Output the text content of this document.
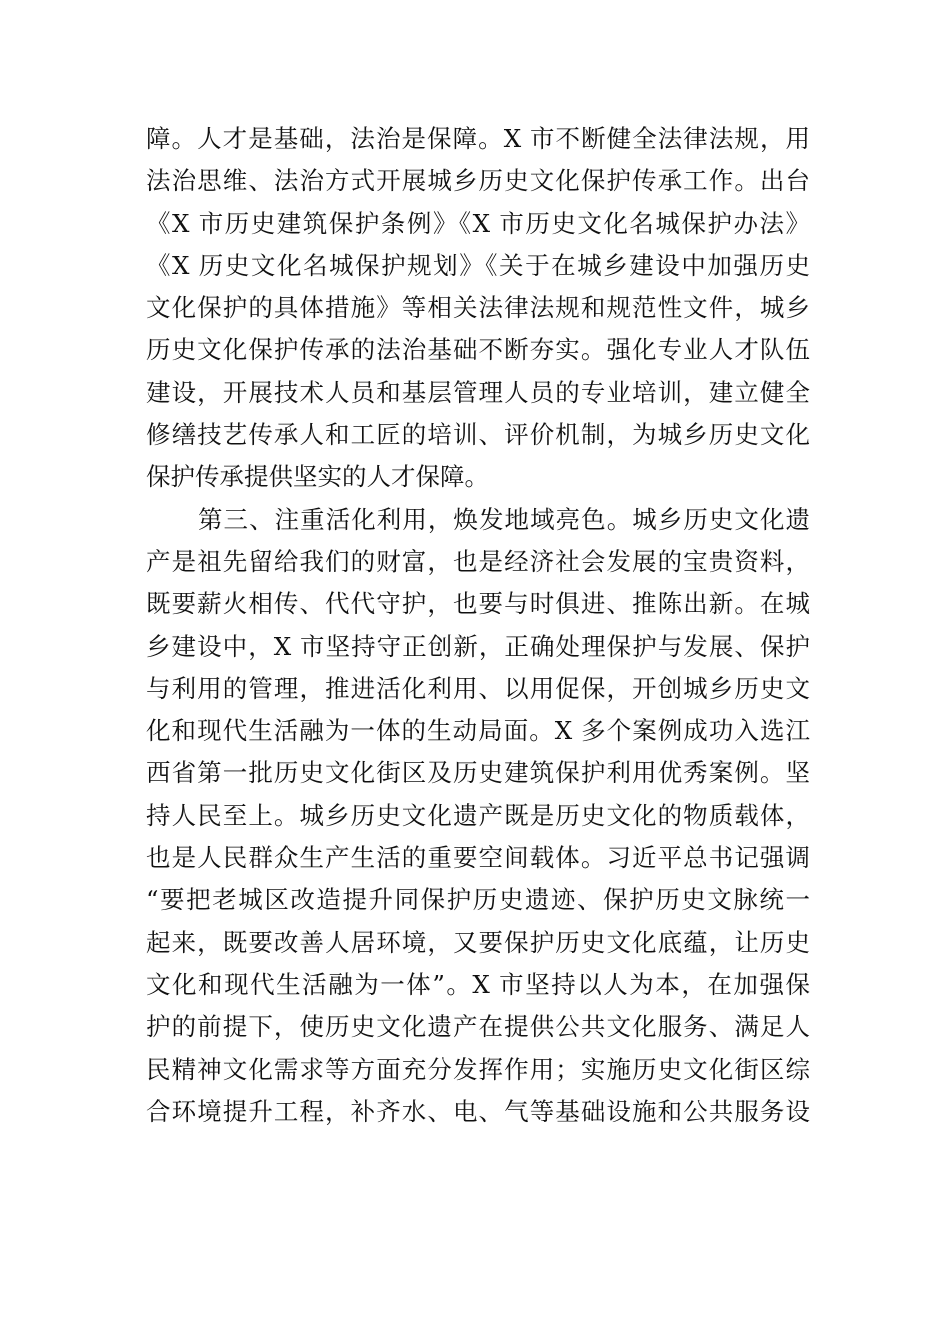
障。人才是基础，法治是保障。X 市不断健全法律法规，用
法治思维、法治方式开展城乡历史文化保护传承工作。出台
《X 市历史建筑保护条例》《X 市历史文化名城保护办法》
《X 历史文化名城保护规划》《关于在城乡建设中加强历史
文化保护的具体措施》等相关法律法规和规范性文件，城乡
历史文化保护传承的法治基础不断夯实。强化专业人才队伍
建设，开展技术人员和基层管理人员的专业培训，建立健全
修缮技艺传承人和工匠的培训、评价机制，为城乡历史文化
保护传承提供坚实的人才保障。
第三、注重活化利用，焕发地域亮色。城乡历史文化遗
产是祖先留给我们的财富，也是经济社会发展的宝贵资料，
既要薪火相传、代代守护，也要与时俱进、推陈出新。在城
乡建设中，X 市坚持守正创新，正确处理保护与发展、保护
与利用的管理，推进活化利用、以用促保，开创城乡历史文
化和现代生活融为一体的生动局面。X 多个案例成功入选江
西省第一批历史文化街区及历史建筑保护利用优秀案例。坚
持人民至上。城乡历史文化遗产既是历史文化的物质载体，
也是人民群众生产生活的重要空间载体。习近平总书记强调
“要把老城区改造提升同保护历史遗迹、保护历史文脉统一
起来，既要改善人居环境，又要保护历史文化底蕴，让历史
文化和现代生活融为一体”。X 市坚持以人为本，在加强保
护的前提下，使历史文化遗产在提供公共文化服务、满足人
民精神文化需求等方面充分发挥作用；实施历史文化街区综
合环境提升工程，补齐水、电、气等基础设施和公共服务设
